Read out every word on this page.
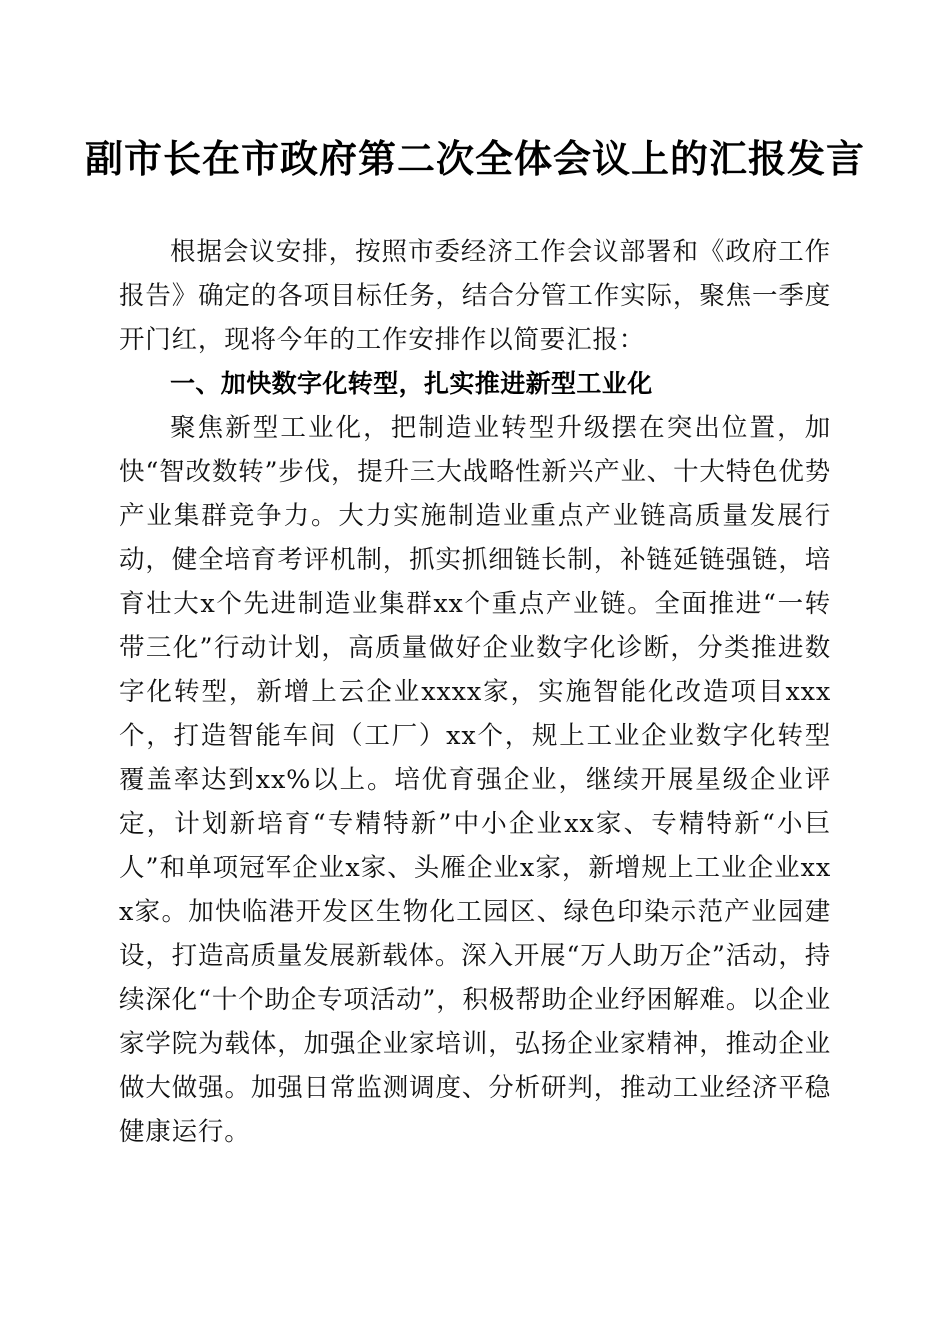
副市长在市政府第二次全体会议上的汇报发言

根据会议安排，按照市委经济工作会议部署和《政府工作报告》确定的各项目标任务，结合分管工作实际，聚焦一季度开门红，现将今年的工作安排作以简要汇报：

一、加快数字化转型，扎实推进新型工业化

聚焦新型工业化，把制造业转型升级摆在突出位置，加快“智改数转”步伐，提升三大战略性新兴产业、十大特色优势产业集群竞争力。大力实施制造业重点产业链高质量发展行动，健全培育考评机制，抓实抓细链长制，补链延链强链，培育壮大x个先进制造业集群xx个重点产业链。全面推进“一转带三化”行动计划，高质量做好企业数字化诊断，分类推进数字化转型，新增上云企业xxxx家，实施智能化改造项目xxx个，打造智能车间（工厂）xx个，规上工业企业数字化转型覆盖率达到xx%以上。培优育强企业，继续开展星级企业评定，计划新培育“专精特新”中小企业xx家、专精特新“小巨人”和单项冠军企业x家、头雁企业x家，新增规上工业企业xxx家。加快临港开发区生物化工园区、绿色印染示范产业园建设，打造高质量发展新载体。深入开展“万人助万企”活动，持续深化“十个助企专项活动”，积极帮助企业纾困解难。以企业家学院为载体，加强企业家培训，弘扬企业家精神，推动企业做大做强。加强日常监测调度、分析研判，推动工业经济平稳健康运行。
